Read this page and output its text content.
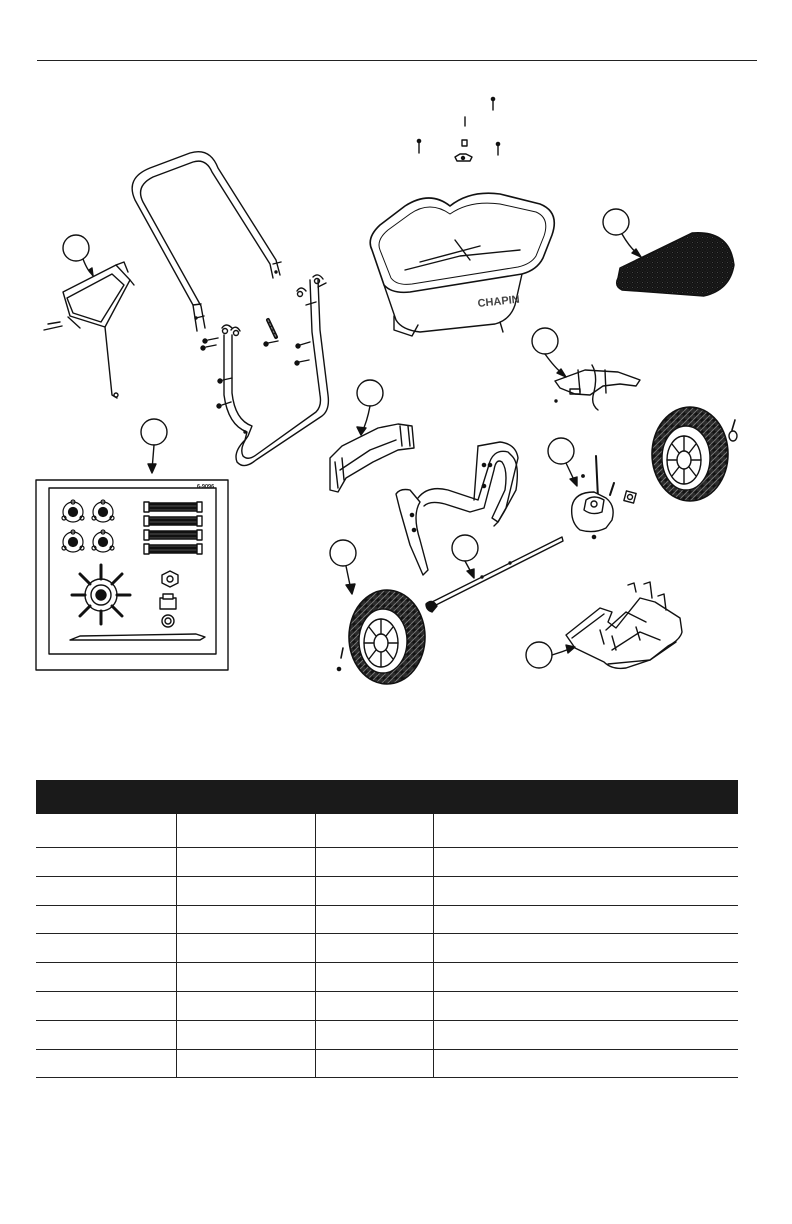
CHAPIN
6-9096
